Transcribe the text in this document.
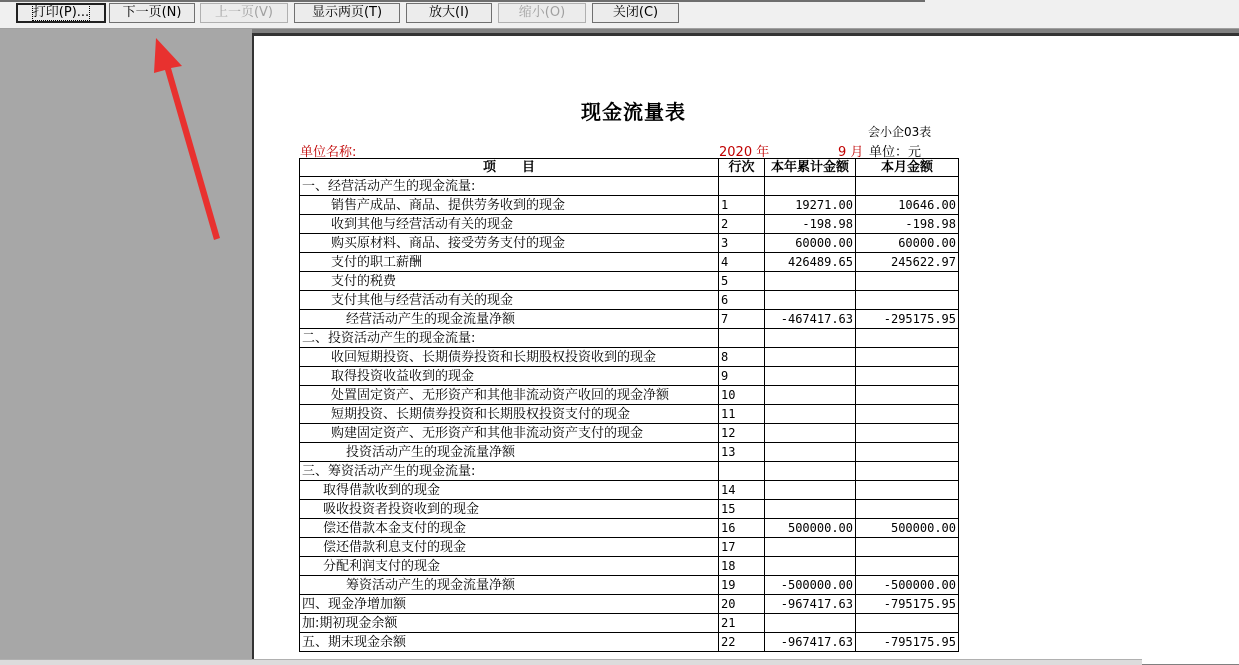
打印(P)...	下一页(N)	上一页(V)	显示两页(T)	放大(I)	缩小(O)	关闭(C)
现金流量表
会小企03表
单位名称:	2020 年	9 月 单位：元
项　　目	行次	本年累计金额	本月金额
一、经营活动产生的现金流量:			
销售产成品、商品、提供劳务收到的现金	1	19271.00	10646.00
收到其他与经营活动有关的现金	2	-198.98	-198.98
购买原材料、商品、接受劳务支付的现金	3	60000.00	60000.00
支付的职工薪酬	4	426489.65	245622.97
支付的税费	5		
支付其他与经营活动有关的现金	6		
经营活动产生的现金流量净额	7	-467417.63	-295175.95
二、投资活动产生的现金流量:			
收回短期投资、长期债券投资和长期股权投资收到的现金	8		
取得投资收益收到的现金	9		
处置固定资产、无形资产和其他非流动资产收回的现金净额	10		
短期投资、长期债券投资和长期股权投资支付的现金	11		
购建固定资产、无形资产和其他非流动资产支付的现金	12		
投资活动产生的现金流量净额	13		
三、筹资活动产生的现金流量:			
取得借款收到的现金	14		
吸收投资者投资收到的现金	15		
偿还借款本金支付的现金	16	500000.00	500000.00
偿还借款利息支付的现金	17		
分配利润支付的现金	18		
筹资活动产生的现金流量净额	19	-500000.00	-500000.00
四、现金净增加额	20	-967417.63	-795175.95
加:期初现金余额	21		
五、期末现金余额	22	-967417.63	-795175.95
